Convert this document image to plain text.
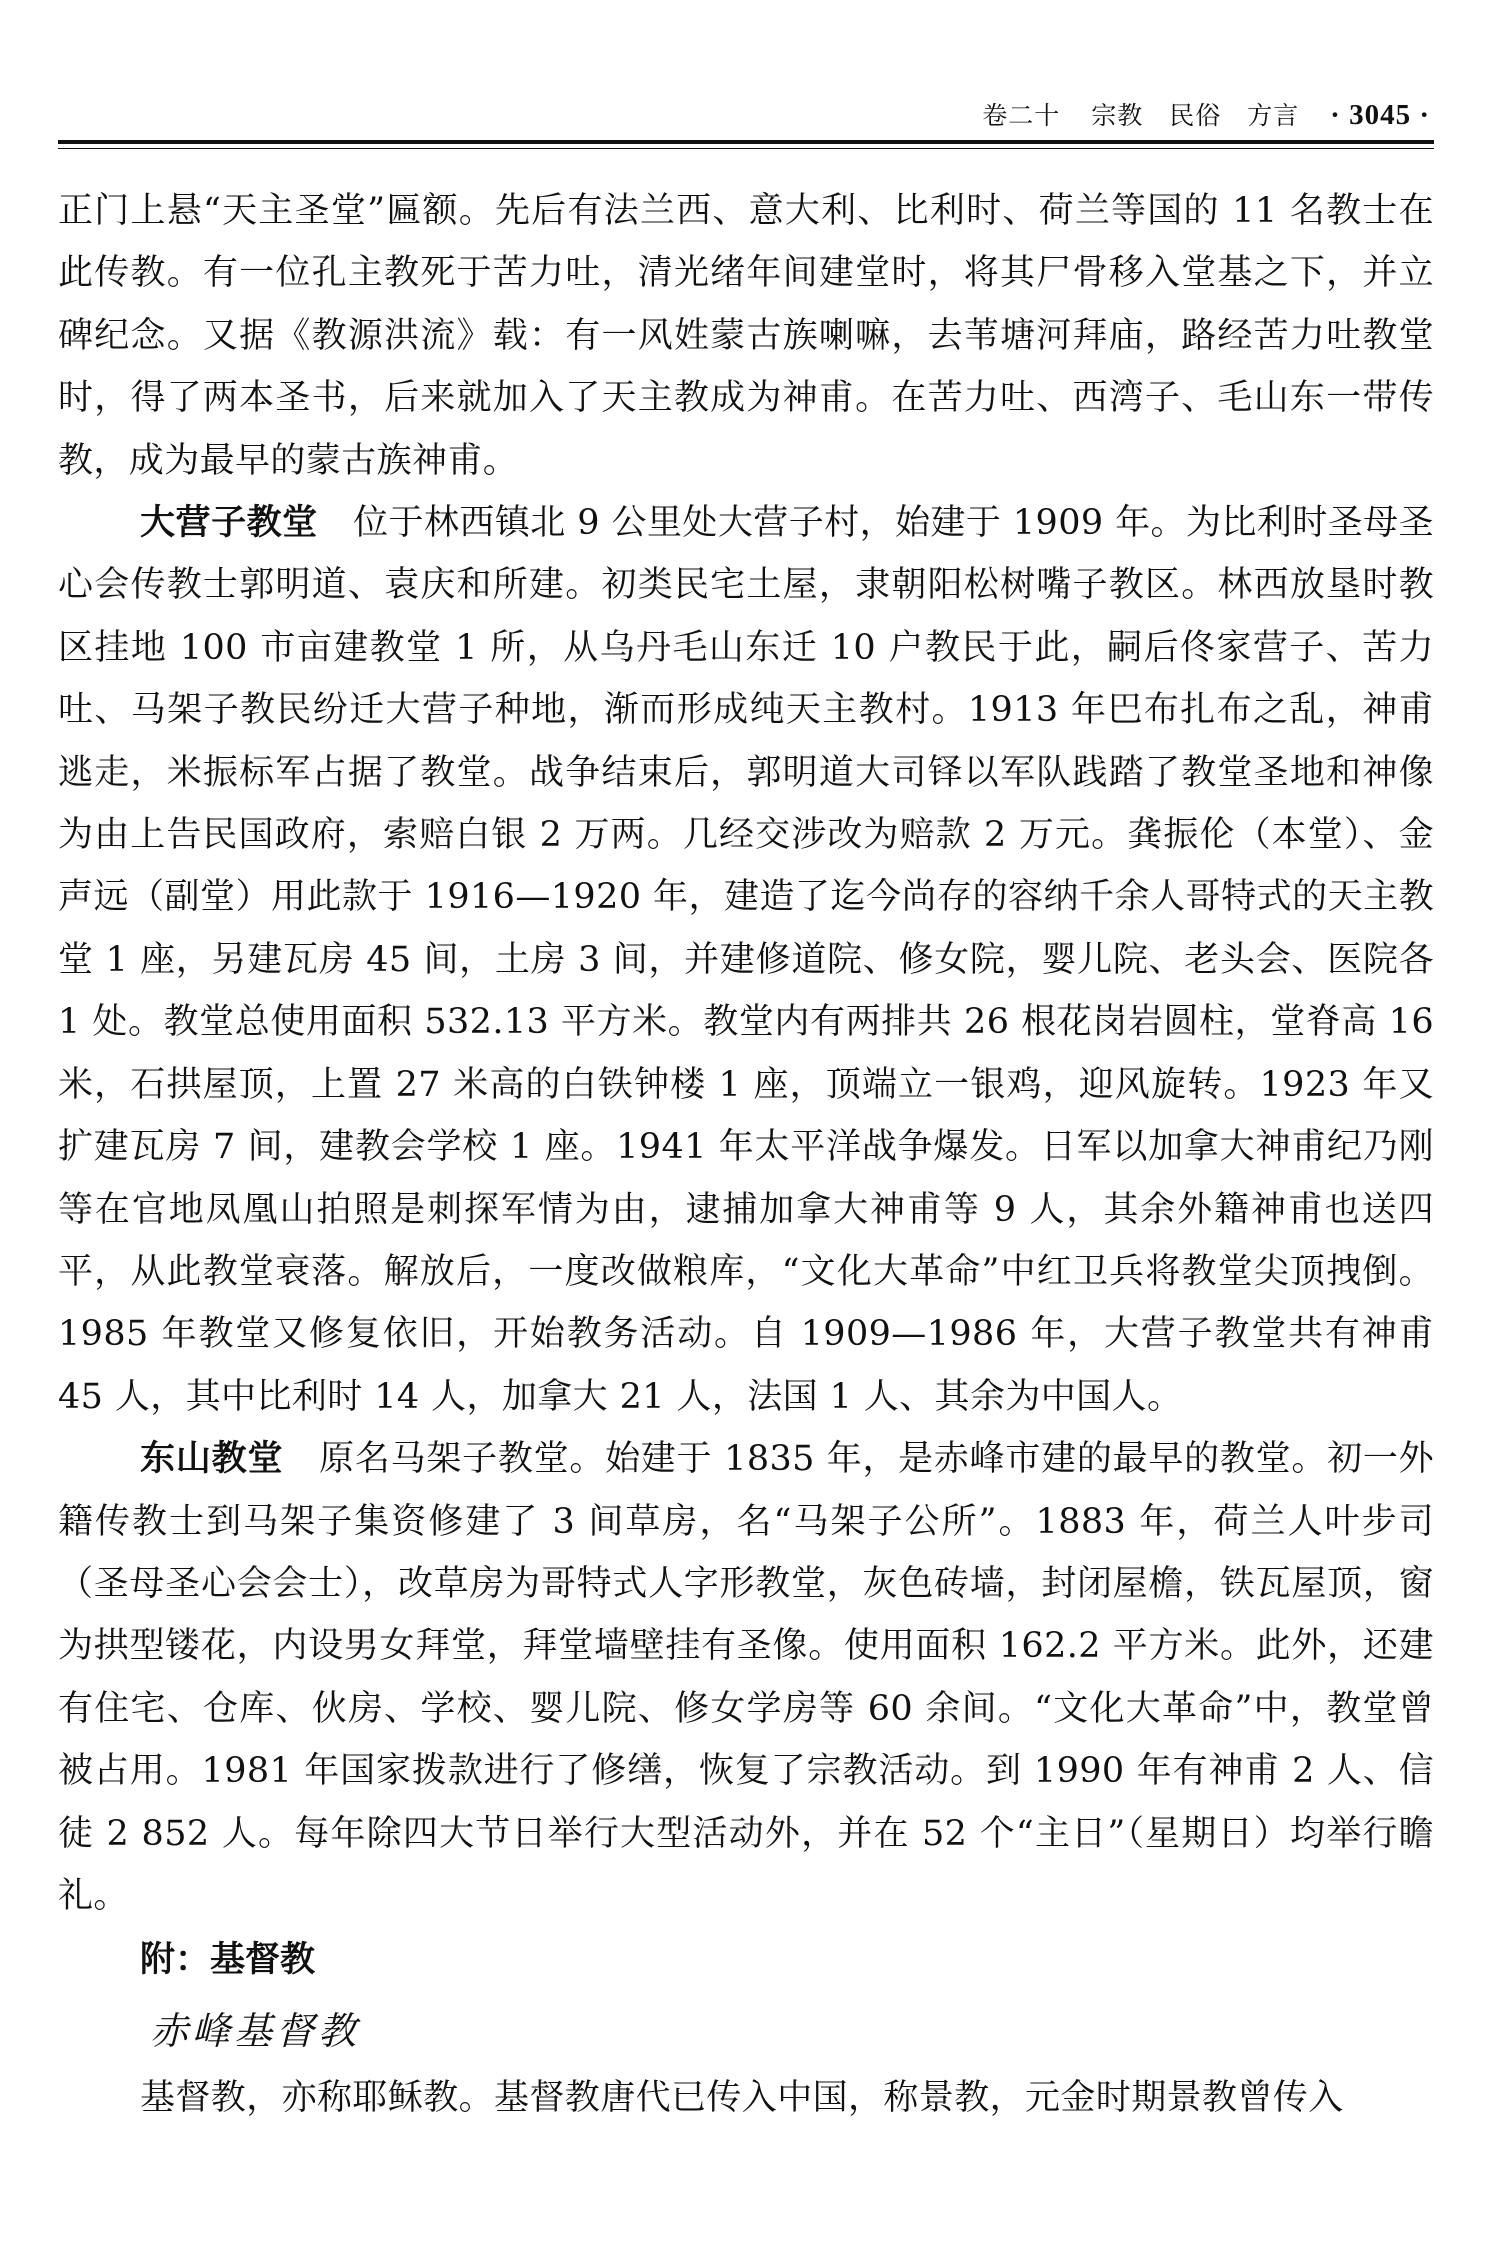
卷二十 宗教　民俗　方言 · 3045 ·

正门上悬“天主圣堂”匾额。先后有法兰西、意大利、比利时、荷兰等国的 11 名教士在此传教。有一位孔主教死于苦力吐，清光绪年间建堂时，将其尸骨移入堂基之下，并立碑纪念。又据《教源洪流》载：有一风姓蒙古族喇嘛，去苇塘河拜庙，路经苦力吐教堂时，得了两本圣书，后来就加入了天主教成为神甫。在苦力吐、西湾子、毛山东一带传教，成为最早的蒙古族神甫。

大营子教堂　 位于林西镇北 9 公里处大营子村，始建于 1909 年。为比利时圣母圣心会传教士郭明道、袁庆和所建。初类民宅土屋，隶朝阳松树嘴子教区。林西放垦时教区挂地 100 市亩建教堂 1 所，从乌丹毛山东迁 10 户教民于此，嗣后佟家营子、苦力吐、马架子教民纷迁大营子种地，渐而形成纯天主教村。1913 年巴布扎布之乱，神甫逃走，米振标军占据了教堂。战争结束后，郭明道大司铎以军队践踏了教堂圣地和神像为由上告民国政府，索赔白银 2 万两。几经交涉改为赔款 2 万元。龚振伦（本堂）、金声远（副堂）用此款于 1916—1920 年，建造了迄今尚存的容纳千余人哥特式的天主教堂 1 座，另建瓦房 45 间，土房 3 间，并建修道院、修女院，婴儿院、老头会、医院各 1 处。教堂总使用面积 532.13 平方米。教堂内有两排共 26 根花岗岩圆柱，堂脊高 16 米，石拱屋顶，上置 27 米高的白铁钟楼 1 座，顶端立一银鸡，迎风旋转。1923 年又扩建瓦房 7 间，建教会学校 1 座。1941 年太平洋战争爆发。日军以加拿大神甫纪乃刚等在官地凤凰山拍照是刺探军情为由，逮捕加拿大神甫等 9 人，其余外籍神甫也送四平，从此教堂衰落。解放后，一度改做粮库，“文化大革命”中红卫兵将教堂尖顶拽倒。1985 年教堂又修复依旧，开始教务活动。自 1909—1986 年，大营子教堂共有神甫 45 人，其中比利时 14 人，加拿大 21 人，法国 1 人、其余为中国人。

东山教堂　 原名马架子教堂。始建于 1835 年，是赤峰市建的最早的教堂。初一外籍传教士到马架子集资修建了 3 间草房，名“马架子公所”。1883 年，荷兰人叶步司（圣母圣心会会士），改草房为哥特式人字形教堂，灰色砖墙，封闭屋檐，铁瓦屋顶，窗为拱型镂花，内设男女拜堂，拜堂墙壁挂有圣像。使用面积 162.2 平方米。此外，还建有住宅、仓库、伙房、学校、婴儿院、修女学房等 60 余间。“文化大革命”中，教堂曾被占用。1981 年国家拨款进行了修缮，恢复了宗教活动。到 1990 年有神甫 2 人、信徒 2 852 人。每年除四大节日举行大型活动外，并在 52 个“主日”（星期日）均举行瞻礼。

附：基督教

赤峰基督教

基督教，亦称耶稣教。基督教唐代已传入中国，称景教，元金时期景教曾传入
